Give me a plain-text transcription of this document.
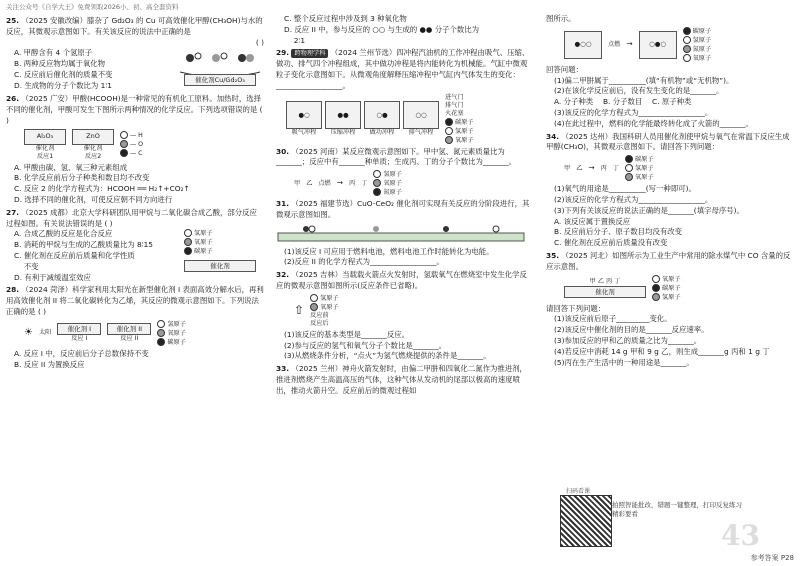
关注公众号《自学大王》免费领取2026小、初、高全套资料

25. （2025 安徽改编）膝杂了 Gd₂O₃ 的 Cu 可高效催化甲醇(CH₃OH)与水的反应，其微观示意图如下。有关该反应的说法中正确的是

( )

A. 甲醇含有 4 个氢原子

B. 两种反应物均属于氧化物

C. 反应前后催化剂的质量不变

D. 生成物的分子个数比为 1∶1

催化剂Cu/Gd₂O₃

26. （2025 广安）甲酸(HCOOH)是一种常见的有机化工原料。加热时，选择不同的催化剂，甲酸可发生下图所示两种情况的化学反应。下列选项错误的是 ( )

Al₂O₃
催化剂
反应1
ZnO
催化剂
反应2
— H
— O
— C

A. 甲酸由碳、氢、氧三种元素组成

B. 化学反应前后分子种类和数目均不改变

C. 反应 2 的化学方程式为：HCOOH ══ H₂↑+CO₂↑

D. 选择不同的催化剂，可使反应朝不同方向进行

27. （2025 成都）北京大学科研团队用甲烷与二氧化碳合成乙酸，部分反应过程如图。有关说法错误的是 ( )

A. 合成乙酸的反应是化合反应

B. 消耗的甲烷与生成的乙酸质量比为 8∶15

C. 催化剂在反应前后质量和化学性质

　 不变

D. 有利于减缓温室效应

氢原子
氧原子
碳原子
催化剂

28. （2024 菏泽）科学家利用太阳光在新型催化剂 I 表面高效分解水后，再利用高效催化剂 II 将二氧化碳转化为乙烯，其反应的微观示意图如下。下列说法正确的是 ( )

☀ 太阳	催化剂 I
反应 I
催化剂 II
反应 II
氢原子
氧原子
碳原子

A. 反应 I 中，反应前后分子总数保持不变

B. 反应 II 为置换反应

C. 整个反应过程中涉及到 3 种氧化物

D. 反应 II 中，参与反应的 ○○ 与生成的 ●● 分子个数比为

　 2∶1

29. 跨物理学科 （2024 兰州节选）四冲程汽油机的工作冲程由吸气、压缩、做功、排气四个冲程组成，其中做功冲程是将内能转化为机械能。气缸中微观粒子变化示意图如下。从微观角度解释压缩冲程中气缸内气体发生的变化： __________________。

●○
吸气冲程
●●
压缩冲程
○●
做功冲程
○○
排气冲程
进气门
排气门
火花塞
碳原子
氢原子
氧原子

30. （2025 河南）某反应微观示意图如下。甲中氢、氮元素质量比为_______；反应中有_______种单质；生成丙、丁的分子个数比为_______。

甲 乙 点燃 → 丙 丁
氢原子
氧原子
氮原子

31. （2025 福建节选）CuO-CeO₂ 催化剂可实现有关反应的分阶段进行，其微观示意图如图。

(1)该反应 I 可应用于燃料电池，燃料电池工作时能转化为电能。

(2)反应 II 的化学方程式为__________________。

32. （2025 吉林）当载载火箭点火发射时，氢载氧气在燃烧室中发生化学反应的微观示意图如图所示(反应条件已省略)。

⇧
氢原子
氧原子
反应前
反应后

(1)该反应的基本类型是_______反应。

(2)参与反应的氢气和氧气分子个数比是_______。

(3)从燃烧条件分析，“点火”为氢气燃烧提供的条件是_______。

33. （2025 兰州）神舟火箭发射时，由偏二甲肼和四氧化二氮作为推进剂，推进剂燃烧产生高温高压的气体，这种气体从发动机的尾部以极高的速度喷出，推动火箭升空。反应前后的微观过程如

图所示。

●○○	点燃 →	○●○
碳原子
氢原子
氮原子
氧原子

回答问题：

(1)偏二甲肼属于__________(填“有机物”或“无机物”)。

(2)在该化学反应前后，没有发生变化的是_______。

A. 分子种类　 B. 分子数目　 C. 原子种类

(3)该反应的化学方程式为__________________。

(4)在此过程中，燃料的化学能最终转化成了火箭的_______。

34. （2025 达州）我国科研人员用催化剂使甲烷与氧气在常温下反应生成甲醇(CH₃O)，其微观示意图如下。请回答下列问题：

甲 乙 → 丙 丁
碳原子
氢原子
氧原子

(1)氧气的用途是__________(写一种即可)。

(2)该反应的化学方程式为__________________。

(3)下列有关该反应的说法正确的是_______(填字母序号)。

A. 该反应属于置换反应

B. 反应前后分子、原子数目均没有改变

C. 催化剂在反应前后质量没有改变

35. （2025 河北）如图所示为工业生产中常用的除水煤气中 CO 含量的反应示意图。

甲 乙 丙 丁
催化剂
氧原子
碳原子
氢原子

请回答下列问题：

(1)该反应前后原子_________变化。

(2)该反应中催化剂的目的是_______反应速率。

(3)参加反应的甲和乙的质量之比为_______。

(4)若反应中消耗 14 g 甲和 9 g 乙，则生成_______g 丙和 1 g 丁

(5)丙在生产生活中的一种用途是_______。

扫码看课
拍照智能批改，错题一键整理，打印反复练习
精彩要看
43
参考答案 P28
